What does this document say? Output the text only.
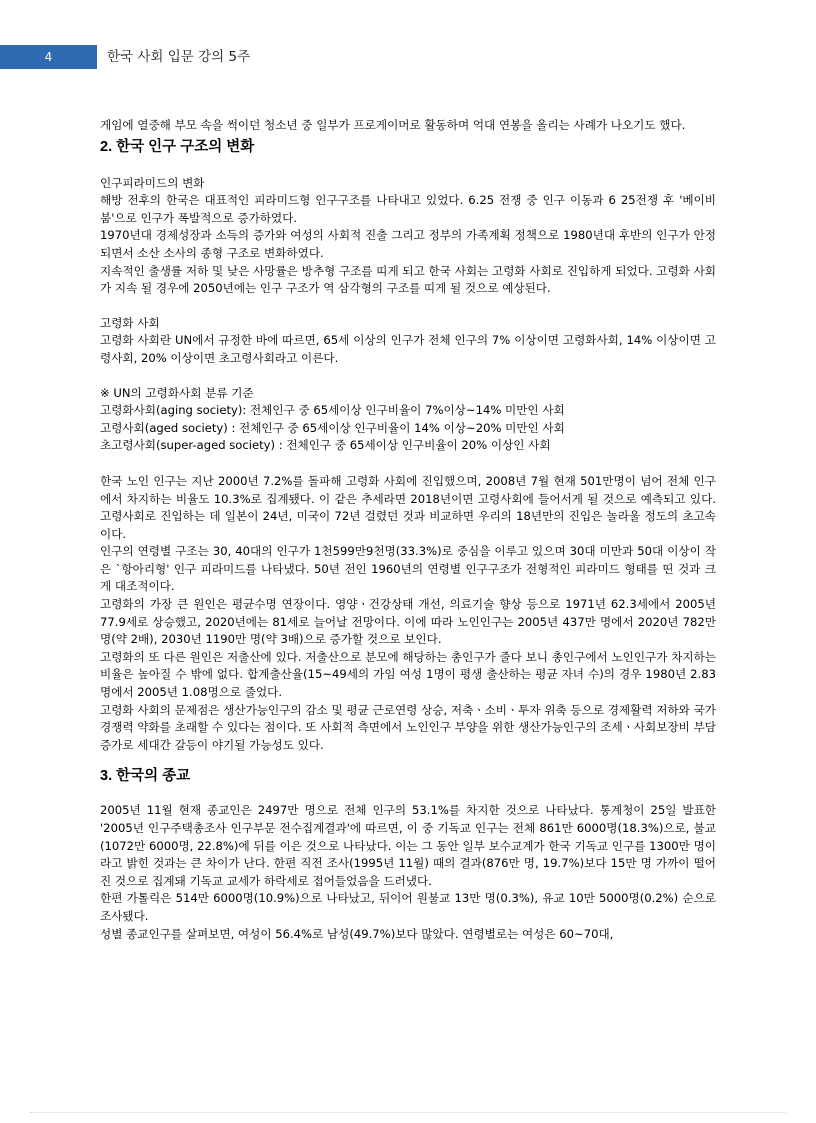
4	한국 사회 입문 강의 5주

게임에 열중해 부모 속을 썩이던 청소년 중 일부가 프로게이머로 활동하며 억대 연봉을 올리는 사례가 나오기도 했다.

2. 한국 인구 구조의 변화

인구피라미드의 변화

해방 전후의 한국은 대표적인 피라미드형 인구구조를 나타내고 있었다. 6.25 전쟁 중 인구 이동과 6 25전쟁 후 '베이비 붐'으로 인구가 폭발적으로 증가하였다.

1970년대 경제성장과 소득의 증가와 여성의 사회적 진출 그리고 정부의 가족계획 정책으로 1980년대 후반의 인구가 안정되면서 소산 소사의 종형 구조로 변화하였다.

지속적인 출생률 저하 및 낮은 사망률은 방추형 구조를 띠게 되고 한국 사회는 고령화 사회로 진입하게 되었다. 고령화 사회가 지속 될 경우에 2050년에는 인구 구조가 역 삼각형의 구조를 띠게 될 것으로 예상된다.

고령화 사회

고령화 사회란 UN에서 규정한 바에 따르면, 65세 이상의 인구가 전체 인구의 7% 이상이면 고령화사회, 14% 이상이면 고령사회, 20% 이상이면 초고령사회라고 이른다.

※ UN의 고령화사회 분류 기준

고령화사회(aging society): 전체인구 중 65세이상 인구비율이 7%이상~14% 미만인 사회

고령사회(aged society) : 전체인구 중 65세이상 인구비율이 14% 이상~20% 미만인 사회

초고령사회(super-aged society) : 전체인구 중 65세이상 인구비율이 20% 이상인 사회

한국 노인 인구는 지난 2000년 7.2%를 돌파해 고령화 사회에 진입했으며, 2008년 7월 현재 501만명이 넘어 전체 인구에서 차지하는 비율도 10.3%로 집계됐다. 이 같은 추세라면 2018년이면 고령사회에 들어서게 될 것으로 예측되고 있다. 고령사회로 진입하는 데 일본이 24년, 미국이 72년 걸렸던 것과 비교하면 우리의 18년만의 진입은 놀라울 정도의 초고속이다.

인구의 연령별 구조는 30, 40대의 인구가 1천599만9천명(33.3%)로 중심을 이루고 있으며 30대 미만과 50대 이상이 작은 `항아리형' 인구 피라미드를 나타냈다. 50년 전인 1960년의 연령별 인구구조가 전형적인 피라미드 형태를 띤 것과 크게 대조적이다.

고령화의 가장 큰 원인은 평균수명 연장이다. 영양ㆍ건강상태 개선, 의료기술 향상 등으로 1971년 62.3세에서 2005년 77.9세로 상승했고, 2020년에는 81세로 늘어날 전망이다. 이에 따라 노인인구는 2005년 437만 명에서 2020년 782만 명(약 2배), 2030년 1190만 명(약 3배)으로 증가할 것으로 보인다.

고령화의 또 다른 원인은 저출산에 있다. 저출산으로 분모에 해당하는 총인구가 줄다 보니 총인구에서 노인인구가 차지하는 비율은 높아질 수 밖에 없다. 합계출산율(15~49세의 가임 여성 1명이 평생 출산하는 평균 자녀 수)의 경우 1980년 2.83명에서 2005년 1.08명으로 줄었다.

고령화 사회의 문제점은 생산가능인구의 감소 및 평균 근로연령 상승, 저축ㆍ소비ㆍ투자 위축 등으로 경제활력 저하와 국가경쟁력 약화를 초래할 수 있다는 점이다. 또 사회적 측면에서 노인인구 부양을 위한 생산가능인구의 조세ㆍ사회보장비 부담 증가로 세대간 갈등이 야기될 가능성도 있다.

3. 한국의 종교

2005년 11월 현재 종교인은 2497만 명으로 전체 인구의 53.1%를 차지한 것으로 나타났다. 통계청이 25일 발표한 '2005년 인구주택총조사 인구부문 전수집계결과'에 따르면, 이 중 기독교 인구는 전체 861만 6000명(18.3%)으로, 불교(1072만 6000명, 22.8%)에 뒤를 이은 것으로 나타났다. 이는 그 동안 일부 보수교계가 한국 기독교 인구를 1300만 명이라고 밝힌 것과는 큰 차이가 난다. 한편 직전 조사(1995년 11월) 때의 결과(876만 명, 19.7%)보다 15만 명 가까이 떨어진 것으로 집계돼 기독교 교세가 하락세로 접어들었음을 드러냈다.

한편 가톨릭은 514만 6000명(10.9%)으로 나타났고, 뒤이어 원불교 13만 명(0.3%), 유교 10만 5000명(0.2%) 순으로 조사됐다.

성별 종교인구를 살펴보면, 여성이 56.4%로 남성(49.7%)보다 많았다. 연령별로는 여성은 60~70대,
